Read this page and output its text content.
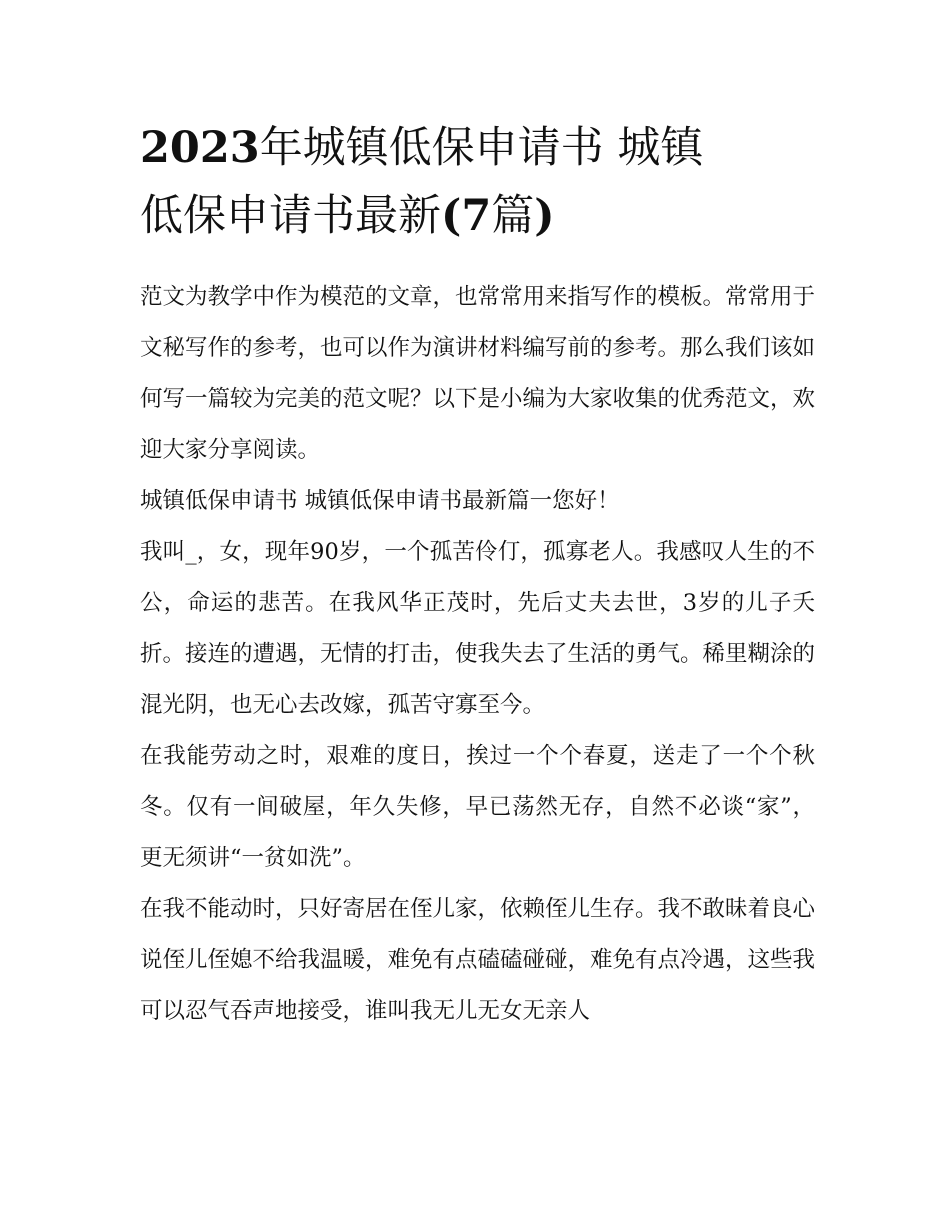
2023年城镇低保申请书 城镇
低保申请书最新(7篇)

范文为教学中作为模范的文章，也常常用来指写作的模板。常常用于文秘写作的参考，也可以作为演讲材料编写前的参考。那么我们该如何写一篇较为完美的范文呢？以下是小编为大家收集的优秀范文，欢迎大家分享阅读。

城镇低保申请书 城镇低保申请书最新篇一您好！

我叫_，女，现年90岁，一个孤苦伶仃，孤寡老人。我感叹人生的不公，命运的悲苦。在我风华正茂时，先后丈夫去世，3岁的儿子夭折。接连的遭遇，无情的打击，使我失去了生活的勇气。稀里糊涂的混光阴，也无心去改嫁，孤苦守寡至今。

在我能劳动之时，艰难的度日，挨过一个个春夏，送走了一个个秋冬。仅有一间破屋，年久失修，早已荡然无存，自然不必谈“家”，更无须讲“一贫如洗”。

在我不能动时，只好寄居在侄儿家，依赖侄儿生存。我不敢昧着良心说侄儿侄媳不给我温暖，难免有点磕磕碰碰，难免有点冷遇，这些我可以忍气吞声地接受，谁叫我无儿无女无亲人
